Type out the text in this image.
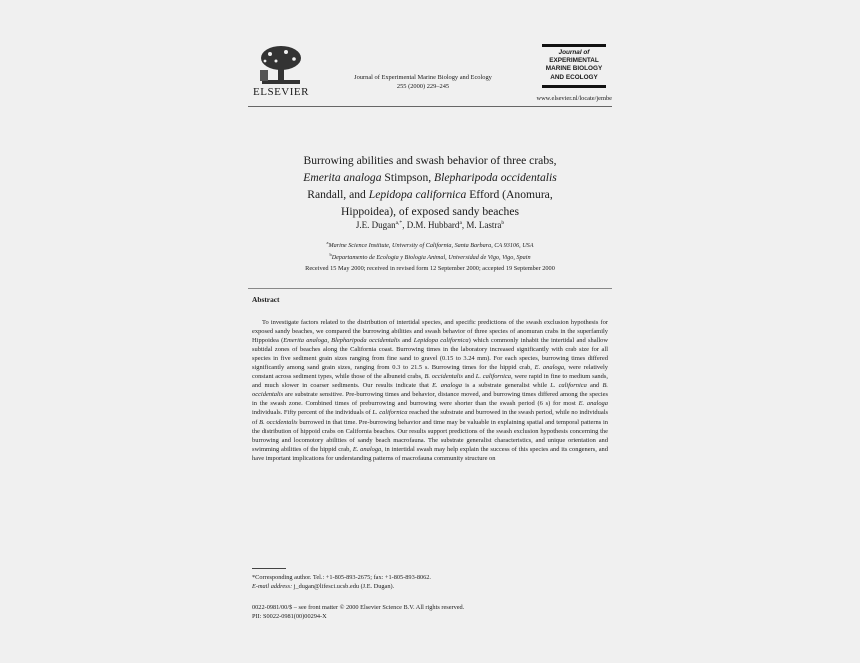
ELSEVIER
Journal of Experimental Marine Biology and Ecology
255 (2000) 229–245
Journal of
EXPERIMENTAL
MARINE BIOLOGY
AND ECOLOGY
www.elsevier.nl/locate/jembe
Burrowing abilities and swash behavior of three crabs,
Emerita analoga Stimpson, Blepharipoda occidentalis
Randall, and Lepidopa californica Efford (Anomura,
Hippoidea), of exposed sandy beaches
J.E. Dugan$^{a,*}$, D.M. Hubbard$^a$, M. Lastra$^b$
$^a$Marine Science Institute, University of California, Santa Barbara, CA 93106, USA
$^b$Departamento de Ecologia y Biologia Animal, Universidad de Vigo, Vigo, Spain
Received 15 May 2000; received in revised form 12 September 2000; accepted 19 September 2000
Abstract
To investigate factors related to the distribution of intertidal species, and specific predictions of the swash exclusion hypothesis for exposed sandy beaches, we compared the burrowing abilities and swash behavior of three species of anomuran crabs in the superfamily Hippoidea (Emerita analoga, Blepharipoda occidentalis and Lepidopa californica) which commonly inhabit the intertidal and shallow subtidal zones of beaches along the California coast. Burrowing times in the laboratory increased significantly with crab size for all species in five sediment grain sizes ranging from fine sand to gravel (0.15 to 3.24 mm). For each species, burrowing times differed significantly among sand grain sizes, ranging from 0.3 to 21.5 s. Burrowing times for the hippid crab, E. analoga, were relatively constant across sediment types, while those of the albuneid crabs, B. occidentalis and L. californica, were rapid in fine to medium sands, and much slower in coarser sediments. Our results indicate that E. analoga is a substrate generalist while L. californica and B. occidentalis are substrate sensitive. Pre-burrowing times and behavior, distance moved, and burrowing times differed among the species in the swash zone. Combined times of preburrowing and burrowing were shorter than the swash period (6 s) for most E. analoga individuals. Fifty percent of the individuals of L. californica reached the substrate and burrowed in the swash period, while no individuals of B. occidentalis burrowed in that time. Pre-burrowing behavior and time may be valuable in explaining spatial and temporal patterns in the distribution of hippoid crabs on California beaches. Our results support predictions of the swash exclusion hypothesis concerning the burrowing and locomotory abilities of sandy beach macrofauna. The substrate generalist characteristics, and unique orientation and swimming abilities of the hippid crab, E. analoga, in intertidal swash may help explain the success of this species and its congeners, and have important implications for understanding patterns of macrofauna community structure on
*Corresponding author. Tel.: +1-805-893-2675; fax: +1-805-893-8062.
E-mail address: j_dugan@lifesci.ucsb.edu (J.E. Dugan).
0022-0981/00/$ – see front matter © 2000 Elsevier Science B.V. All rights reserved.
PII: S0022-0981(00)00294-X
